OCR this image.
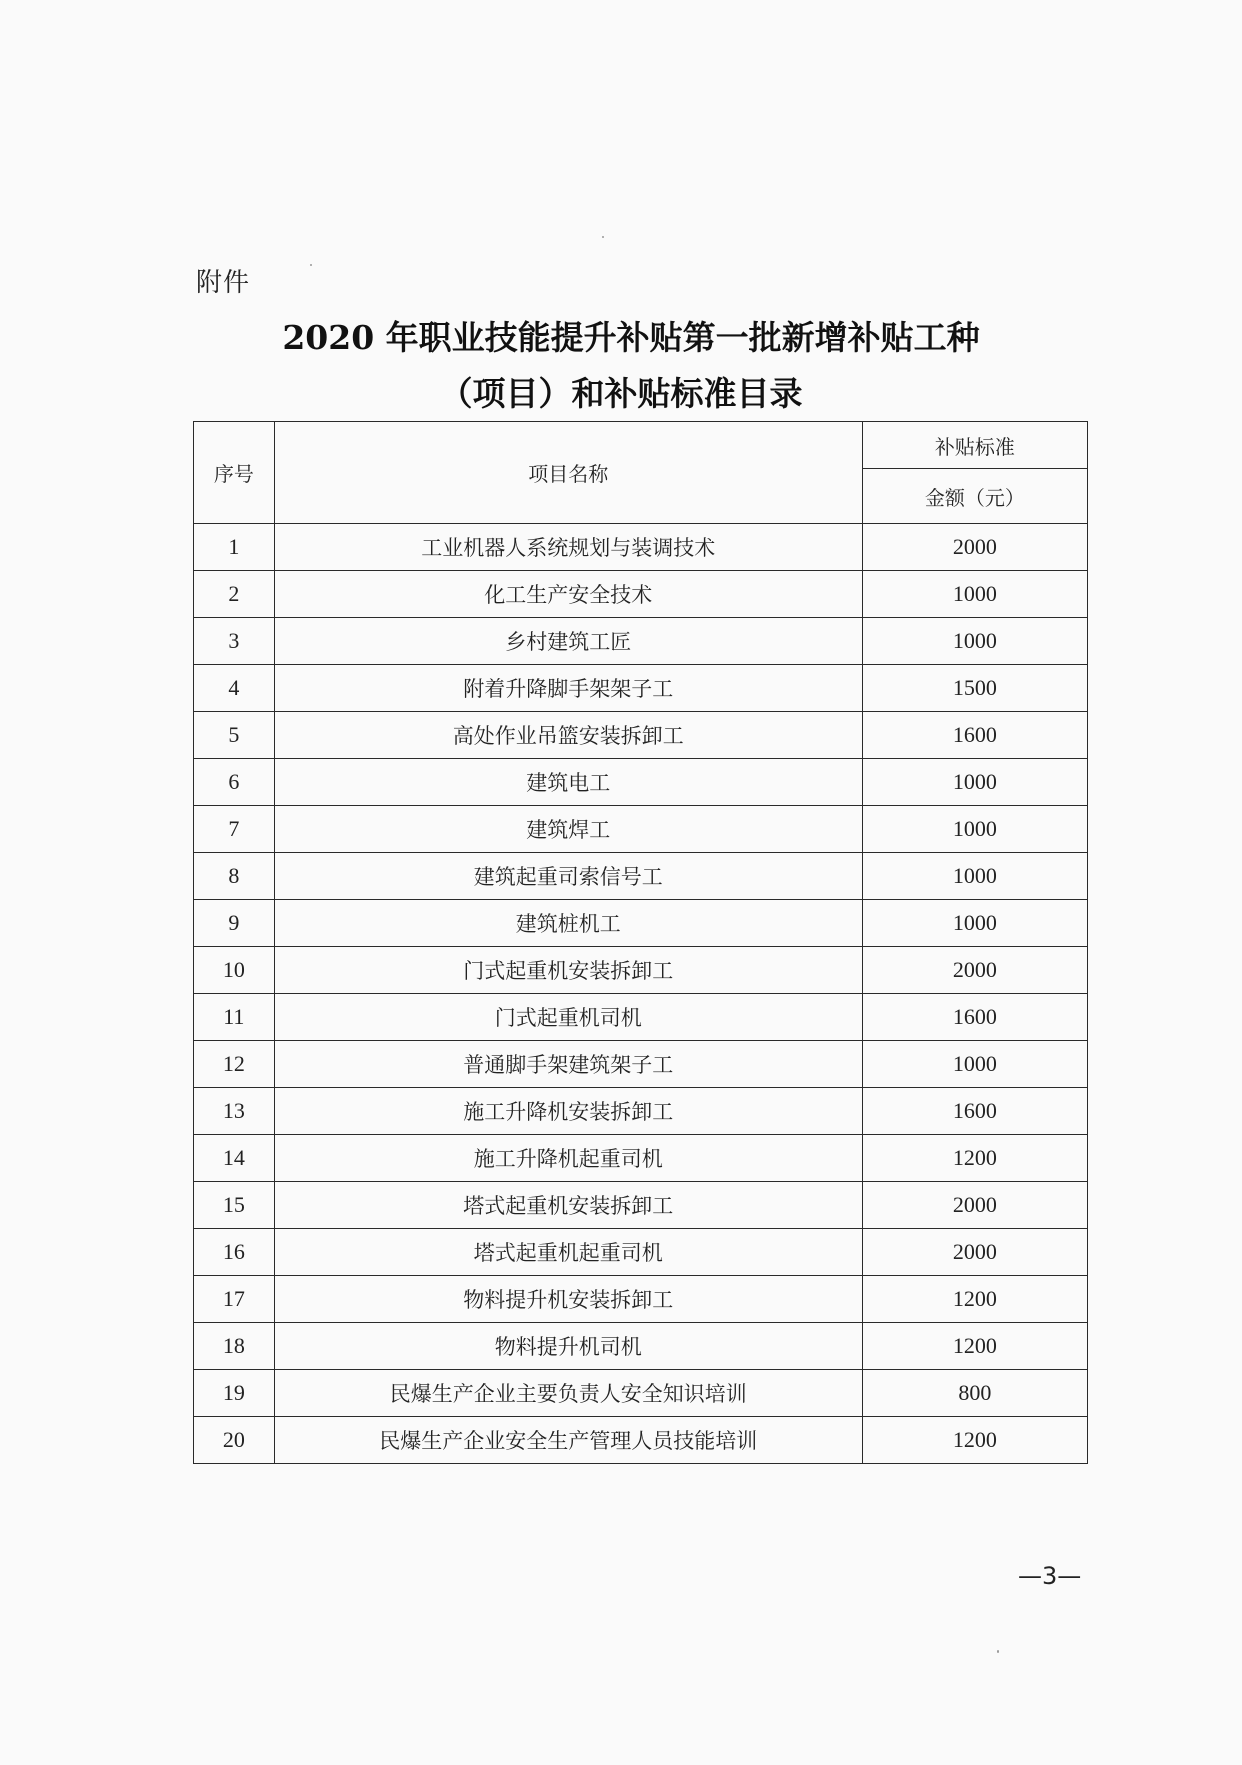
附件
2020 年职业技能提升补贴第一批新增补贴工种
（项目）和补贴标准目录
序号	项目名称	补贴标准
		金额（元）
1	工业机器人系统规划与装调技术	2000
2	化工生产安全技术	1000
3	乡村建筑工匠	1000
4	附着升降脚手架架子工	1500
5	高处作业吊篮安装拆卸工	1600
6	建筑电工	1000
7	建筑焊工	1000
8	建筑起重司索信号工	1000
9	建筑桩机工	1000
10	门式起重机安装拆卸工	2000
11	门式起重机司机	1600
12	普通脚手架建筑架子工	1000
13	施工升降机安装拆卸工	1600
14	施工升降机起重司机	1200
15	塔式起重机安装拆卸工	2000
16	塔式起重机起重司机	2000
17	物料提升机安装拆卸工	1200
18	物料提升机司机	1200
19	民爆生产企业主要负责人安全知识培训	800
20	民爆生产企业安全生产管理人员技能培训	1200
—3—
